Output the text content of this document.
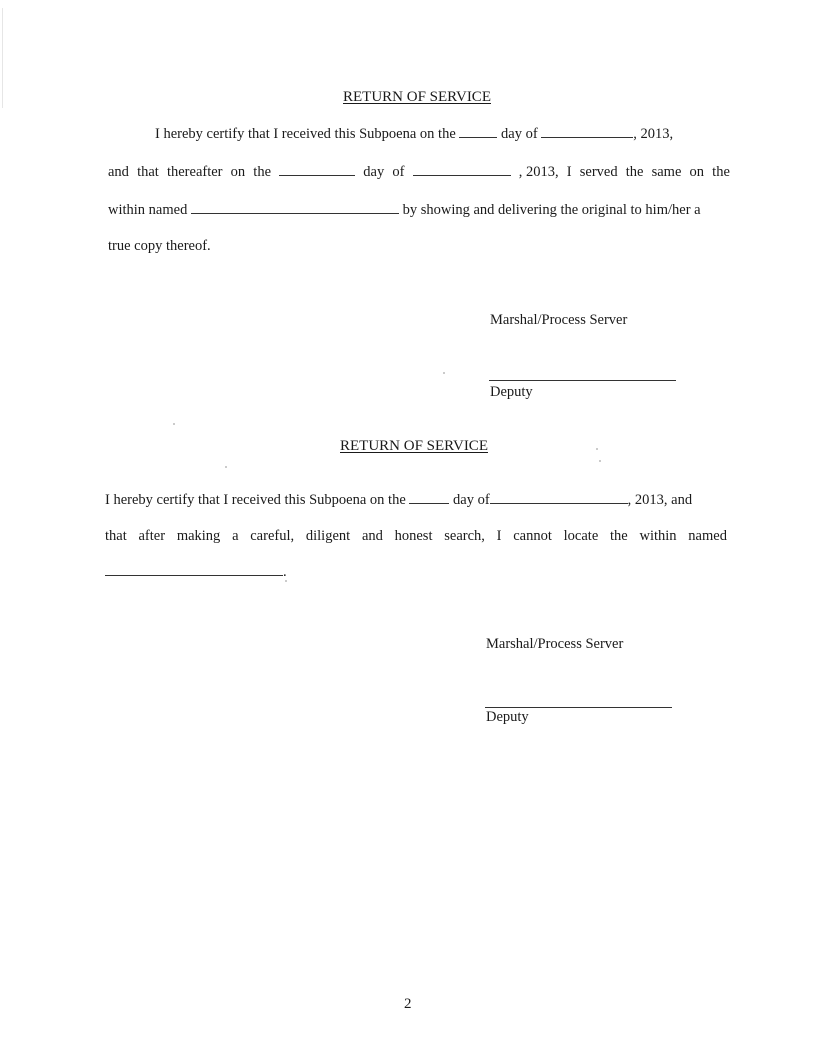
RETURN OF SERVICE
I hereby certify that I received this Subpoena on the	day of	, 2013,
and that thereafter on the	day of	, 2013, I served the same on the
within named	by showing and delivering the original to him/her a
true copy thereof.
Marshal/Process Server
Deputy
RETURN OF SERVICE
I hereby certify that I received this Subpoena on the	day of	, 2013, and
that after making a careful, diligent and honest search, I cannot locate the within named
.
Marshal/Process Server
Deputy
2
